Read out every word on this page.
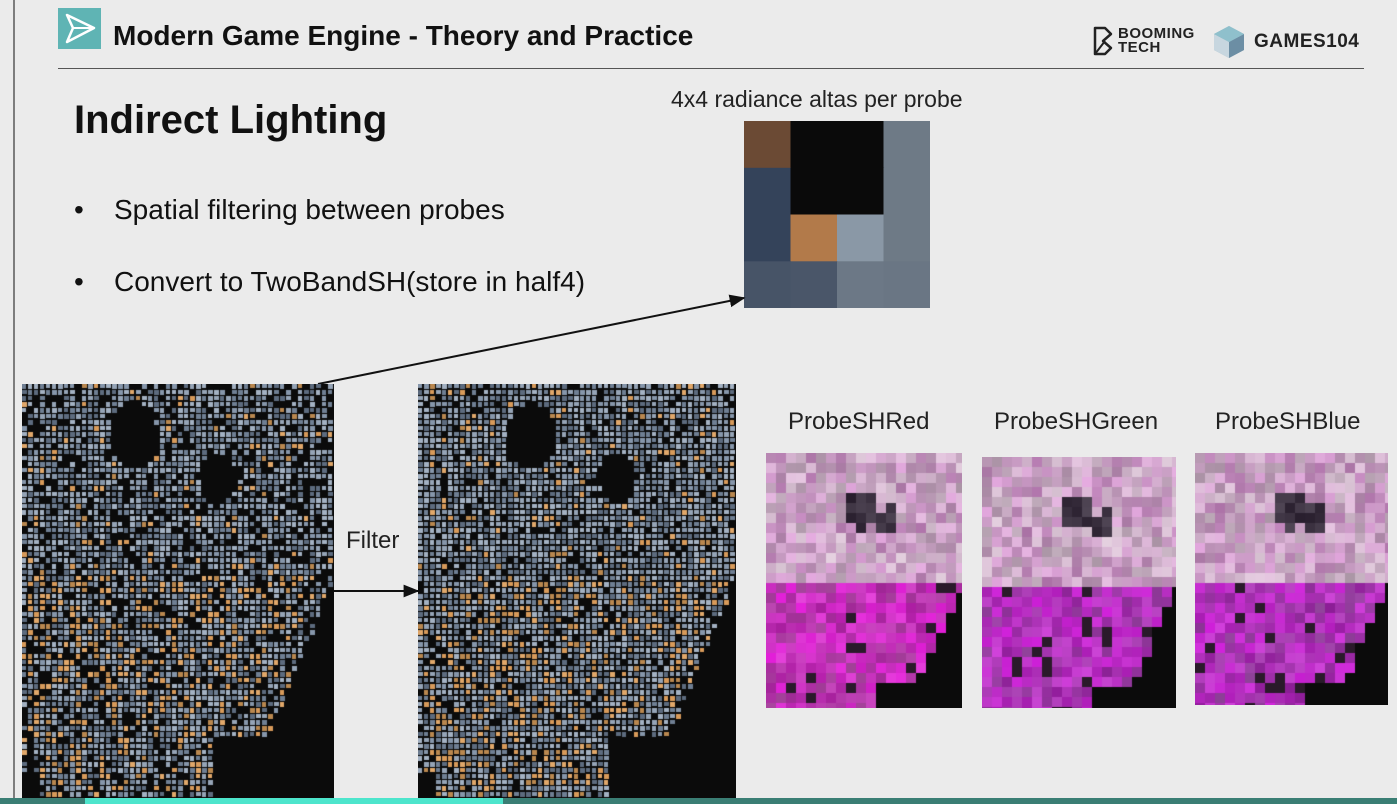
Modern Game Engine - Theory and Practice	BOOMING
TECH	GAMES104
Indirect Lighting
• Spatial filtering between probes
• Convert to TwoBandSH(store in half4)
4x4 radiance altas per probe
Filter
ProbeSHRed	ProbeSHGreen ProbeSHBlue
